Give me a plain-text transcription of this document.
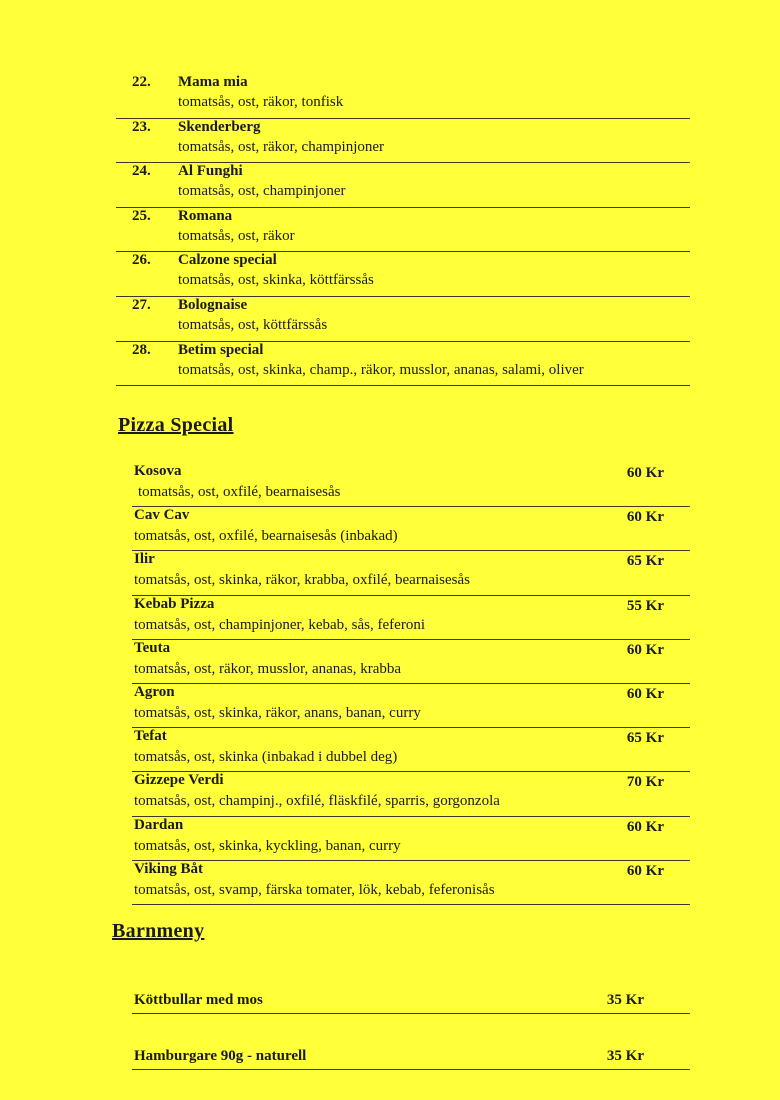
22. Mama mia
tomatsås, ost, räkor, tonfisk
23. Skenderberg
tomatsås, ost, räkor, champinjoner
24. Al Funghi
tomatsås, ost, champinjoner
25. Romana
tomatsås, ost, räkor
26. Calzone special
tomatsås, ost, skinka, köttfärssås
27. Bolognaise
tomatsås, ost, köttfärssås
28. Betim special
tomatsås, ost, skinka, champ., räkor, musslor, ananas, salami, oliver
Pizza Special
Kosova	60 Kr
tomatsås, ost, oxfilé, bearnaisesås
Cav Cav	60 Kr
tomatsås, ost, oxfilé, bearnaisesås (inbakad)
Ilir	65 Kr
tomatsås, ost, skinka, räkor, krabba, oxfilé, bearnaisesås
Kebab Pizza	55 Kr
tomatsås, ost, champinjoner, kebab, sås, feferoni
Teuta	60 Kr
tomatsås, ost, räkor, musslor, ananas, krabba
Agron	60 Kr
tomatsås, ost, skinka, räkor, anans, banan, curry
Tefat	65 Kr
tomatsås, ost, skinka (inbakad i dubbel deg)
Gizzepe Verdi	70 Kr
tomatsås, ost, champinj., oxfilé, fläskfilé, sparris, gorgonzola
Dardan	60 Kr
tomatsås, ost, skinka, kyckling, banan, curry
Viking Båt	60 Kr
tomatsås, ost, svamp, färska tomater, lök, kebab, feferonisås
Barnmeny
Köttbullar med mos	35 Kr
Hamburgare 90g - naturell	35 Kr
